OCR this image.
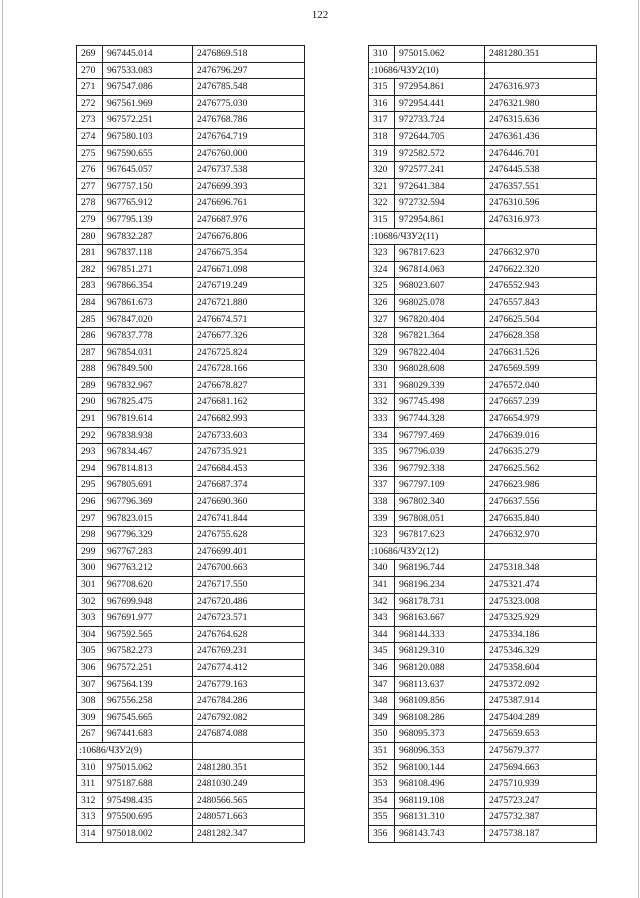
122
269	967445.014	2476869.518
270	967533.083	2476796.297
271	967547.086	2476785.548
272	967561.969	2476775.030
273	967572.251	2476768.786
274	967580.103	2476764.719
275	967590.655	2476760.000
276	967645.057	2476737.538
277	967757.150	2476699.393
278	967765.912	2476696.761
279	967795.139	2476687.976
280	967832.287	2476676.806
281	967837.118	2476675.354
282	967851.271	2476671.098
283	967866.354	2476719.249
284	967861.673	2476721.880
285	967847.020	2476674.571
286	967837.778	2476677.326
287	967854.031	2476725.824
288	967849.500	2476728.166
289	967832.967	2476678.827
290	967825.475	2476681.162
291	967819.614	2476682.993
292	967838.938	2476733.603
293	967834.467	2476735.921
294	967814.813	2476684.453
295	967805.691	2476687.374
296	967796.369	2476690.360
297	967823.015	2476741.844
298	967796.329	2476755.628
299	967767.283	2476699.401
300	967763.212	2476700.663
301	967708.620	2476717.550
302	967699.948	2476720.486
303	967691.977	2476723.571
304	967592.565	2476764.628
305	967582.273	2476769.231
306	967572.251	2476774.412
307	967564.139	2476779.163
308	967556.258	2476784.286
309	967545.665	2476792.082
267	967441.683	2476874.088
:10686/ЧЗУ2(9)		
310	975015.062	2481280.351
311	975187.688	2481030.249
312	975498.435	2480566.565
313	975500.695	2480571.663
314	975018.002	2481282.347
310	975015.062	2481280.351
:10686/ЧЗУ2(10)		
315	972954.861	2476316.973
316	972954.441	2476321.980
317	972733.724	2476315.636
318	972644.705	2476361.436
319	972582.572	2476446.701
320	972577.241	2476445.538
321	972641.384	2476357.551
322	972732.594	2476310.596
315	972954.861	2476316.973
:10686/ЧЗУ2(11)		
323	967817.623	2476632.970
324	967814.063	2476622.320
325	968023.607	2476552.943
326	968025.078	2476557.843
327	967820.404	2476625.504
328	967821.364	2476628.358
329	967822.404	2476631.526
330	968028.608	2476569.599
331	968029.339	2476572.040
332	967745.498	2476657.239
333	967744.328	2476654.979
334	967797.469	2476639.016
335	967796.039	2476635.279
336	967792.338	2476625.562
337	967797.109	2476623.986
338	967802.340	2476637.556
339	967808.051	2476635.840
323	967817.623	2476632.970
:10686/ЧЗУ2(12)		
340	968196.744	2475318.348
341	968196.234	2475321.474
342	968178.731	2475323.008
343	968163.667	2475325.929
344	968144.333	2475334.186
345	968129.310	2475346.329
346	968120.088	2475358.604
347	968113.637	2475372.092
348	968109.856	2475387.914
349	968108.286	2475404.289
350	968095.373	2475659.653
351	968096.353	2475679.377
352	968100.144	2475694.663
353	968108.496	2475710.939
354	968119.108	2475723.247
355	968131.310	2475732.387
356	968143.743	2475738.187
